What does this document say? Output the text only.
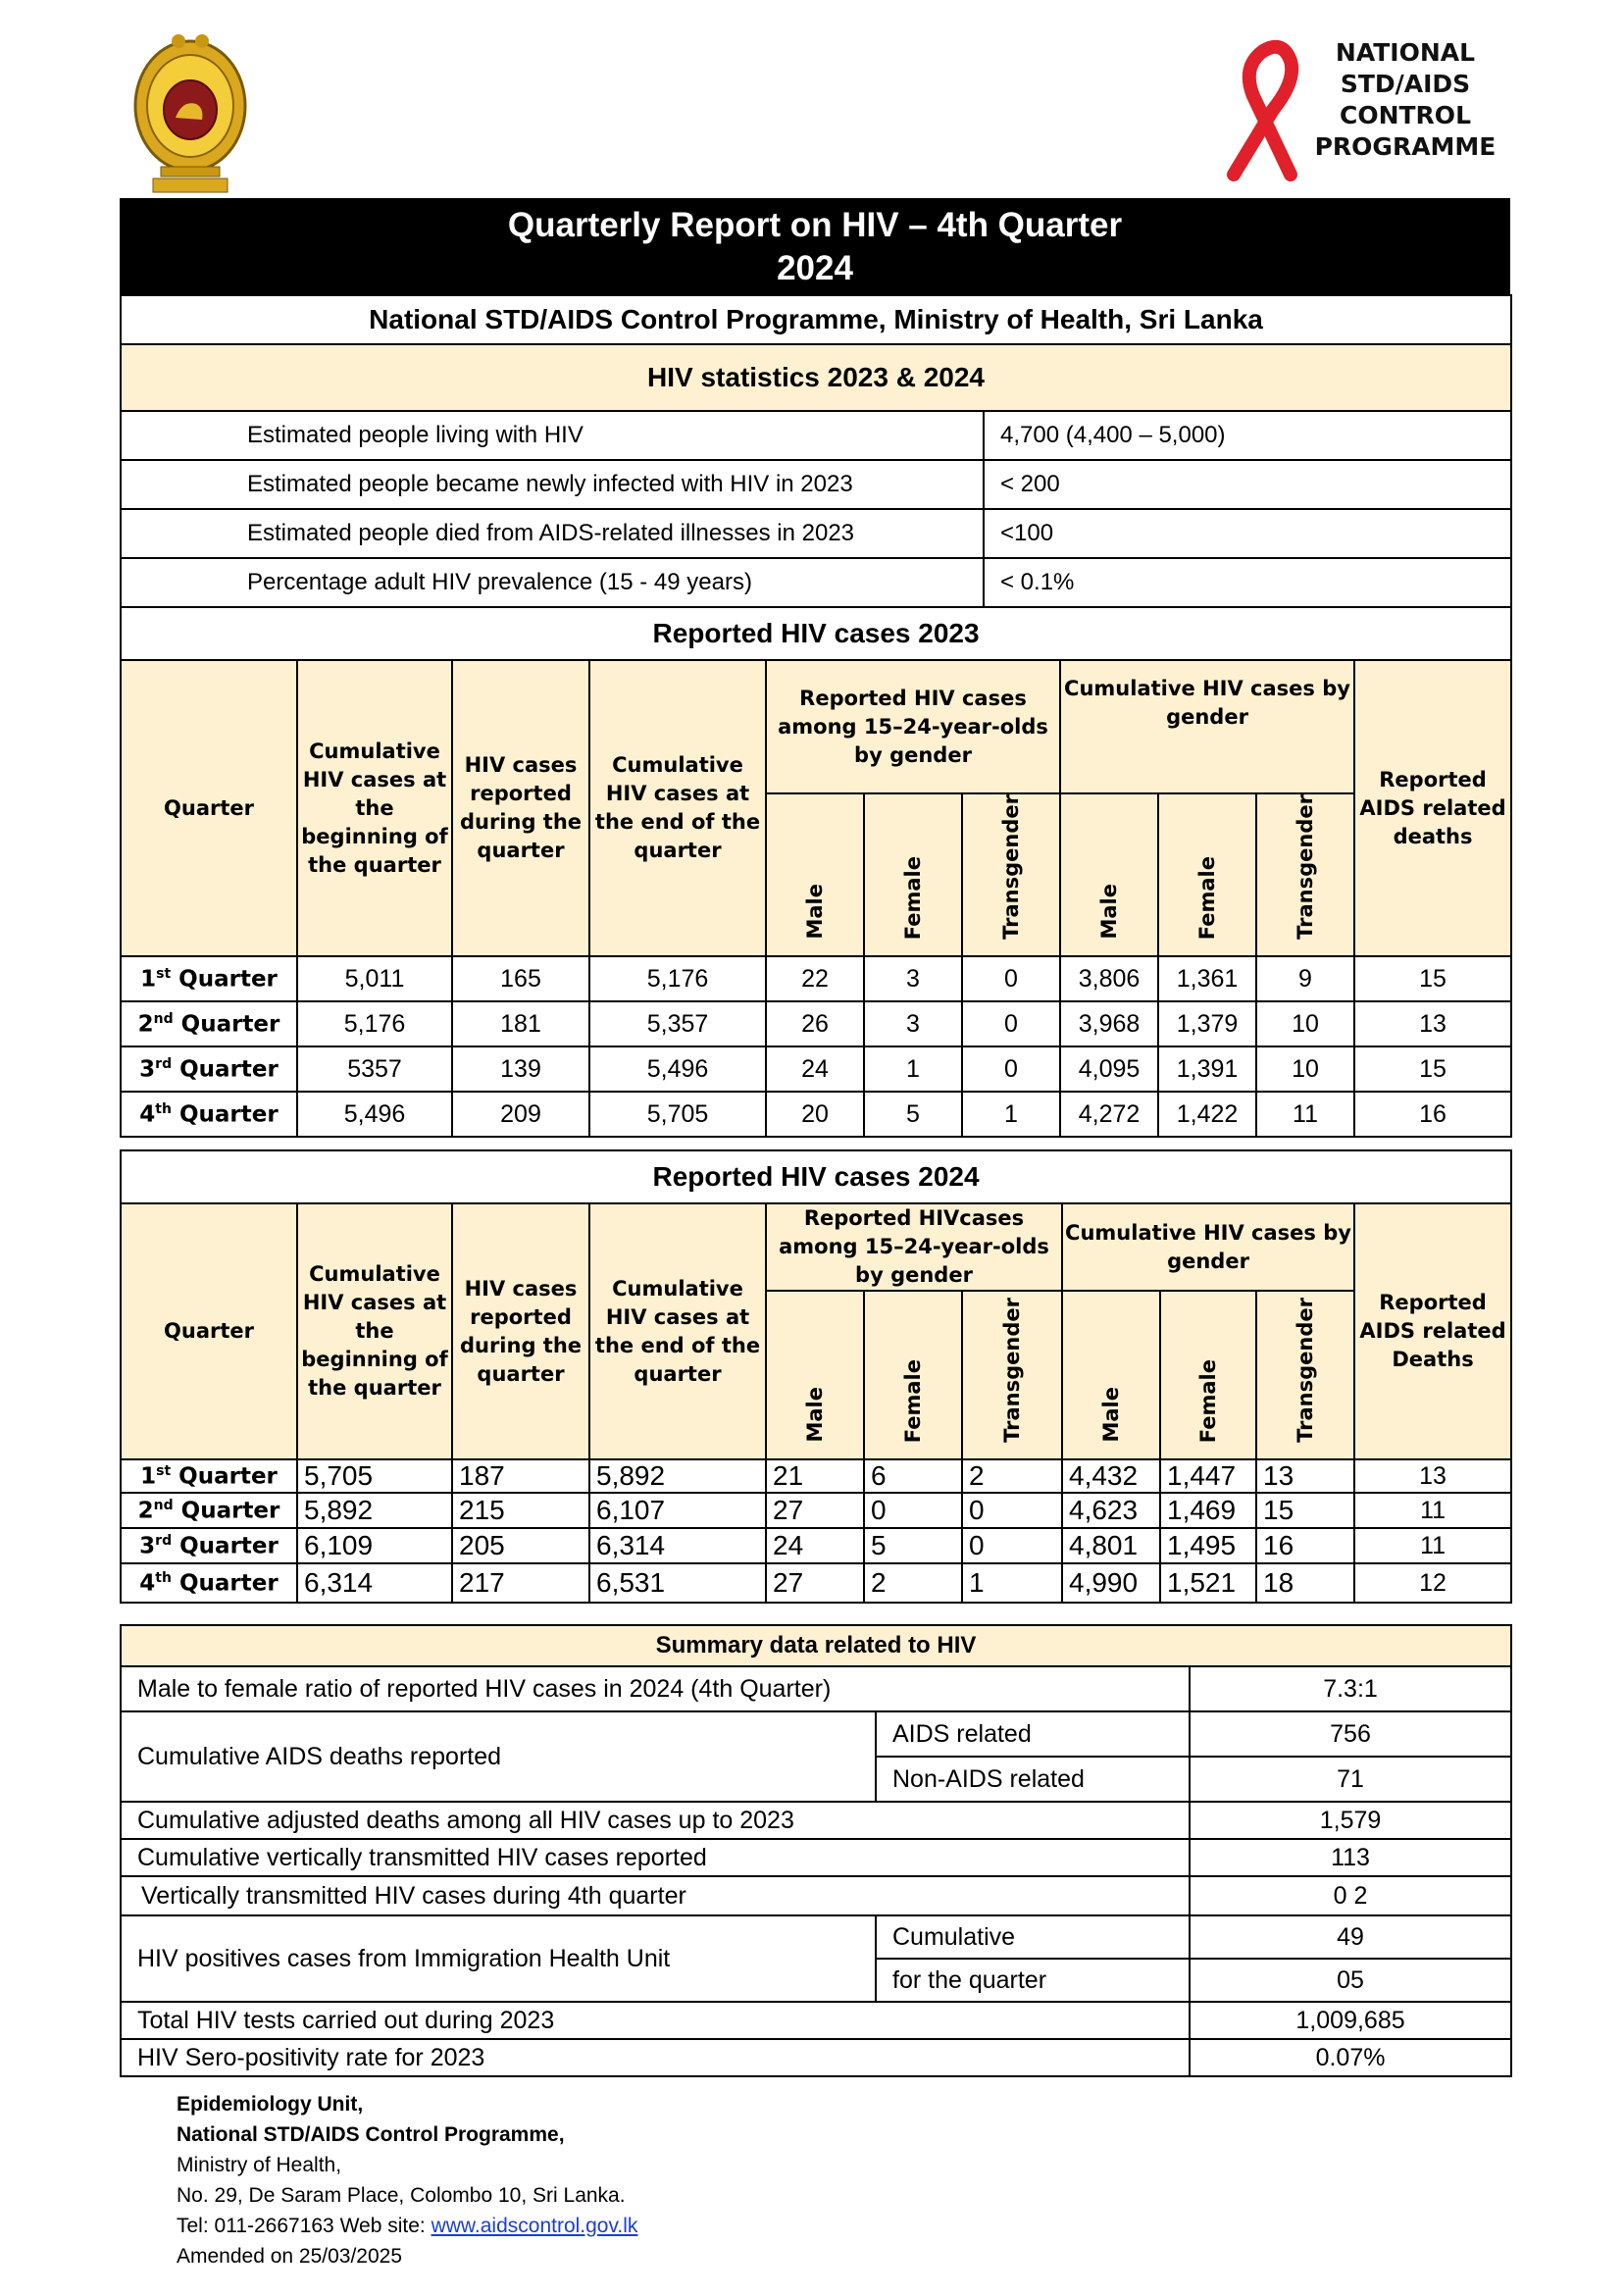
NATIONAL
STD/AIDS
CONTROL
PROGRAMME
Quarterly Report on HIV – 4th Quarter
2024
National STD/AIDS Control Programme, Ministry of Health, Sri Lanka	
HIV statistics 2023 & 2024	
Estimated people living with HIV	4,700 (4,400 – 5,000)
Estimated people became newly infected with HIV in 2023	< 200
Estimated people died from AIDS-related illnesses in 2023	<100
Percentage adult HIV prevalence (15 - 49 years)	< 0.1%
Reported HIV cases 2023										
Quarter	Cumulative HIV cases at the beginning of the quarter	HIV cases reported during the quarter	Cumulative HIV cases at the end of the quarter	Reported HIV cases among 15–24-year-olds by gender			Cumulative HIV cases by gender			Reported AIDS related deaths
				Male	Female	Transgender	Male	Female	Transgender	
1st Quarter	5,011	165	5,176	22	3	0	3,806	1,361	9	15
2nd Quarter	5,176	181	5,357	26	3	0	3,968	1,379	10	13
3rd Quarter	5357	139	5,496	24	1	0	4,095	1,391	10	15
4th Quarter	5,496	209	5,705	20	5	1	4,272	1,422	11	16
Reported HIV cases 2024										
Quarter	Cumulative HIV cases at the beginning of the quarter	HIV cases reported during the quarter	Cumulative HIV cases at the end of the quarter	Reported HIVcases among 15–24-year-olds by gender			Cumulative HIV cases by gender			Reported AIDS related Deaths
				Male	Female	Transgender	Male	Female	Transgender	
1st Quarter	5,705	187	5,892	21	6	2	4,432	1,447	13	13
2nd Quarter	5,892	215	6,107	27	0	0	4,623	1,469	15	11
3rd Quarter	6,109	205	6,314	24	5	0	4,801	1,495	16	11
4th Quarter	6,314	217	6,531	27	2	1	4,990	1,521	18	12
Summary data related to HIV		
Male to female ratio of reported HIV cases in 2024 (4th Quarter)		7.3:1
Cumulative AIDS deaths reported	AIDS related	756
	Non-AIDS related	71
Cumulative adjusted deaths among all HIV cases up to 2023		1,579
Cumulative vertically transmitted HIV cases reported		113
Vertically transmitted HIV cases during 4th quarter		0 2
HIV positives cases from Immigration Health Unit	Cumulative	49
	for the quarter	05
Total HIV tests carried out during 2023		1,009,685
HIV Sero-positivity rate for 2023		0.07%
Epidemiology Unit,
National STD/AIDS Control Programme,
Ministry of Health,
No. 29, De Saram Place, Colombo 10, Sri Lanka.
Tel: 011-2667163 Web site: www.aidscontrol.gov.lk
Amended on 25/03/2025
